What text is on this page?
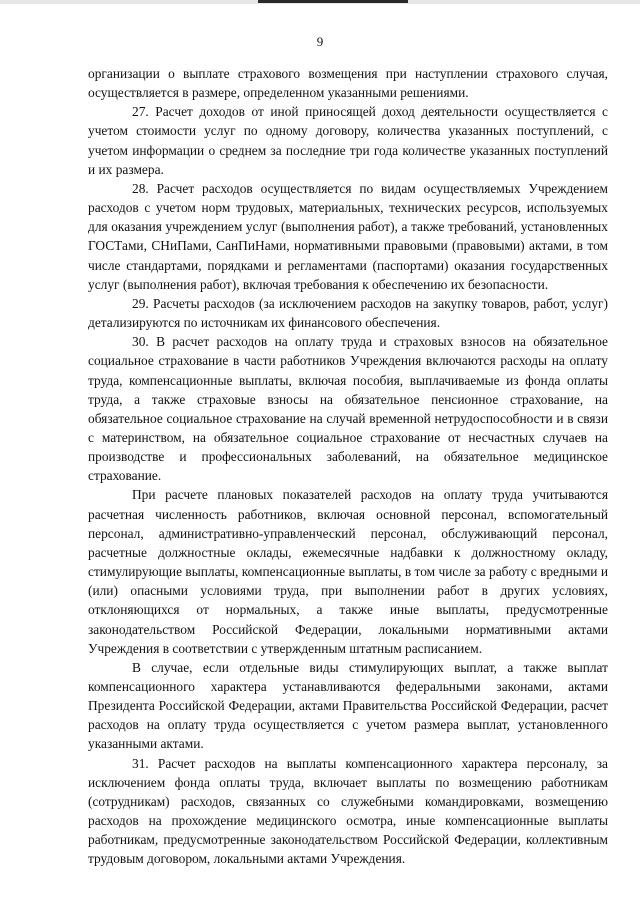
9

организации о выплате страхового возмещения при наступлении страхового случая, осуществляется в размере, определенном указанными решениями.

27. Расчет доходов от иной приносящей доход деятельности осуществляется с учетом стоимости услуг по одному договору, количества указанных поступлений, с учетом информации о среднем за последние три года количестве указанных поступлений и их размера.

28. Расчет расходов осуществляется по видам осуществляемых Учреждением расходов с учетом норм трудовых, материальных, технических ресурсов, используемых для оказания учреждением услуг (выполнения работ), а также требований, установленных ГОСТами, СНиПами, СанПиНами, нормативными правовыми (правовыми) актами, в том числе стандартами, порядками и регламентами (паспортами) оказания государственных услуг (выполнения работ), включая требования к обеспечению их безопасности.

29. Расчеты расходов (за исключением расходов на закупку товаров, работ, услуг) детализируются по источникам их финансового обеспечения.

30. В расчет расходов на оплату труда и страховых взносов на обязательное социальное страхование в части работников Учреждения включаются расходы на оплату труда, компенсационные выплаты, включая пособия, выплачиваемые из фонда оплаты труда, а также страховые взносы на обязательное пенсионное страхование, на обязательное социальное страхование на случай временной нетрудоспособности и в связи с материнством, на обязательное социальное страхование от несчастных случаев на производстве и профессиональных заболеваний, на обязательное медицинское страхование.

При расчете плановых показателей расходов на оплату труда учитываются расчетная численность работников, включая основной персонал, вспомогательный персонал, административно-управленческий персонал, обслуживающий персонал, расчетные должностные оклады, ежемесячные надбавки к должностному окладу, стимулирующие выплаты, компенсационные выплаты, в том числе за работу с вредными и (или) опасными условиями труда, при выполнении работ в других условиях, отклоняющихся от нормальных, а также иные выплаты, предусмотренные законодательством Российской Федерации, локальными нормативными актами Учреждения в соответствии с утвержденным штатным расписанием.

В случае, если отдельные виды стимулирующих выплат, а также выплат компенсационного характера устанавливаются федеральными законами, актами Президента Российской Федерации, актами Правительства Российской Федерации, расчет расходов на оплату труда осуществляется с учетом размера выплат, установленного указанными актами.

31. Расчет расходов на выплаты компенсационного характера персоналу, за исключением фонда оплаты труда, включает выплаты по возмещению работникам (сотрудникам) расходов, связанных со служебными командировками, возмещению расходов на прохождение медицинского осмотра, иные компенсационные выплаты работникам, предусмотренные законодательством Российской Федерации, коллективным трудовым договором, локальными актами Учреждения.
